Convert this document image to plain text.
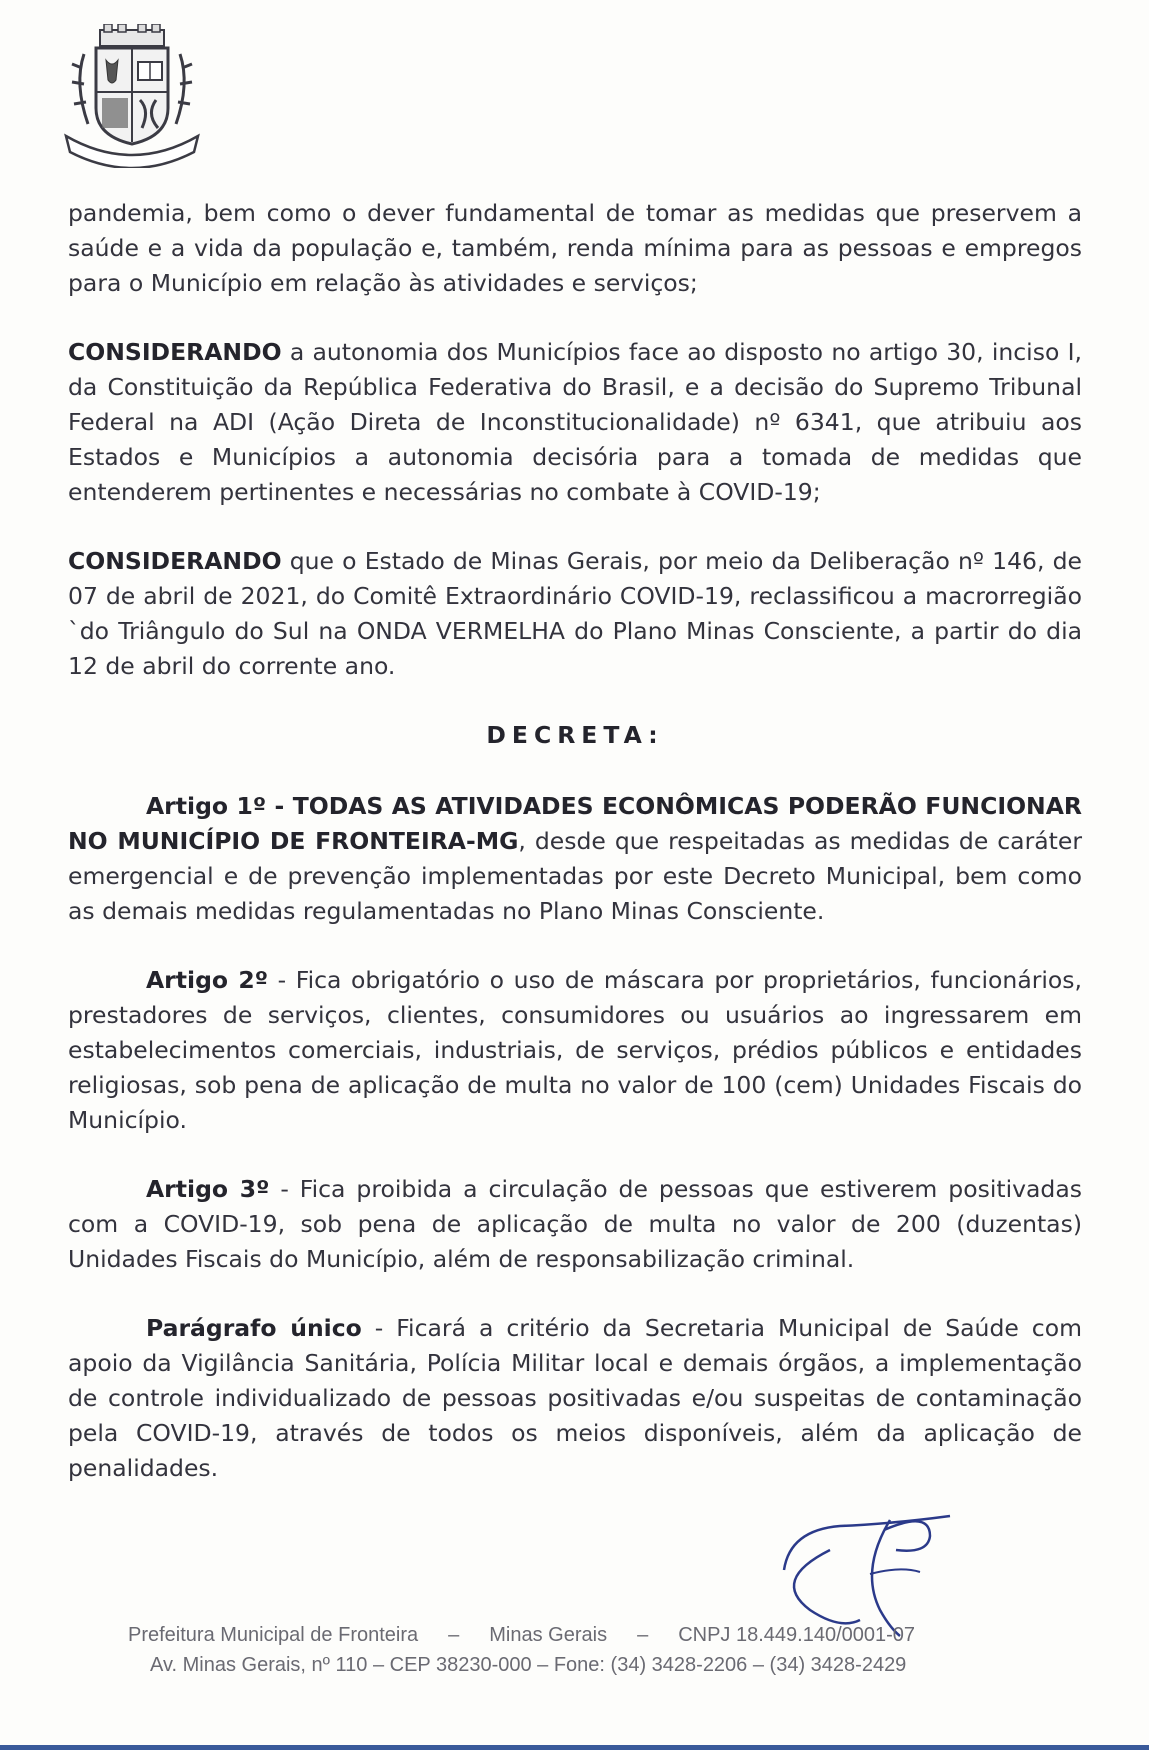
pandemia, bem como o dever fundamental de tomar as medidas que preservem a saúde e a vida da população e, também, renda mínima para as pessoas e empregos para o Município em relação às atividades e serviços;

CONSIDERANDO a autonomia dos Municípios face ao disposto no artigo 30, inciso I, da Constituição da República Federativa do Brasil, e a decisão do Supremo Tribunal Federal na ADI (Ação Direta de Inconstitucionalidade) nº 6341, que atribuiu aos Estados e Municípios a autonomia decisória para a tomada de medidas que entenderem pertinentes e necessárias no combate à COVID-19;

CONSIDERANDO que o Estado de Minas Gerais, por meio da Deliberação nº 146, de 07 de abril de 2021, do Comitê Extraordinário COVID-19, reclassificou a macrorregião `do Triângulo do Sul na ONDA VERMELHA do Plano Minas Consciente, a partir do dia 12 de abril do corrente ano.

DECRETA:

Artigo 1º - TODAS AS ATIVIDADES ECONÔMICAS PODERÃO FUNCIONAR NO MUNICÍPIO DE FRONTEIRA-MG, desde que respeitadas as medidas de caráter emergencial e de prevenção implementadas por este Decreto Municipal, bem como as demais medidas regulamentadas no Plano Minas Consciente.

Artigo 2º - Fica obrigatório o uso de máscara por proprietários, funcionários, prestadores de serviços, clientes, consumidores ou usuários ao ingressarem em estabelecimentos comerciais, industriais, de serviços, prédios públicos e entidades religiosas, sob pena de aplicação de multa no valor de 100 (cem) Unidades Fiscais do Município.

Artigo 3º - Fica proibida a circulação de pessoas que estiverem positivadas com a COVID-19, sob pena de aplicação de multa no valor de 200 (duzentas) Unidades Fiscais do Município, além de responsabilização criminal.

Parágrafo único - Ficará a critério da Secretaria Municipal de Saúde com apoio da Vigilância Sanitária, Polícia Militar local e demais órgãos, a implementação de controle individualizado de pessoas positivadas e/ou suspeitas de contaminação pela COVID-19, através de todos os meios disponíveis, além da aplicação de penalidades.

Prefeitura Municipal de Fronteira – Minas Gerais – CNPJ 18.449.140/0001-07
Av. Minas Gerais, nº 110 – CEP 38230-000 – Fone: (34) 3428-2206 – (34) 3428-2429
